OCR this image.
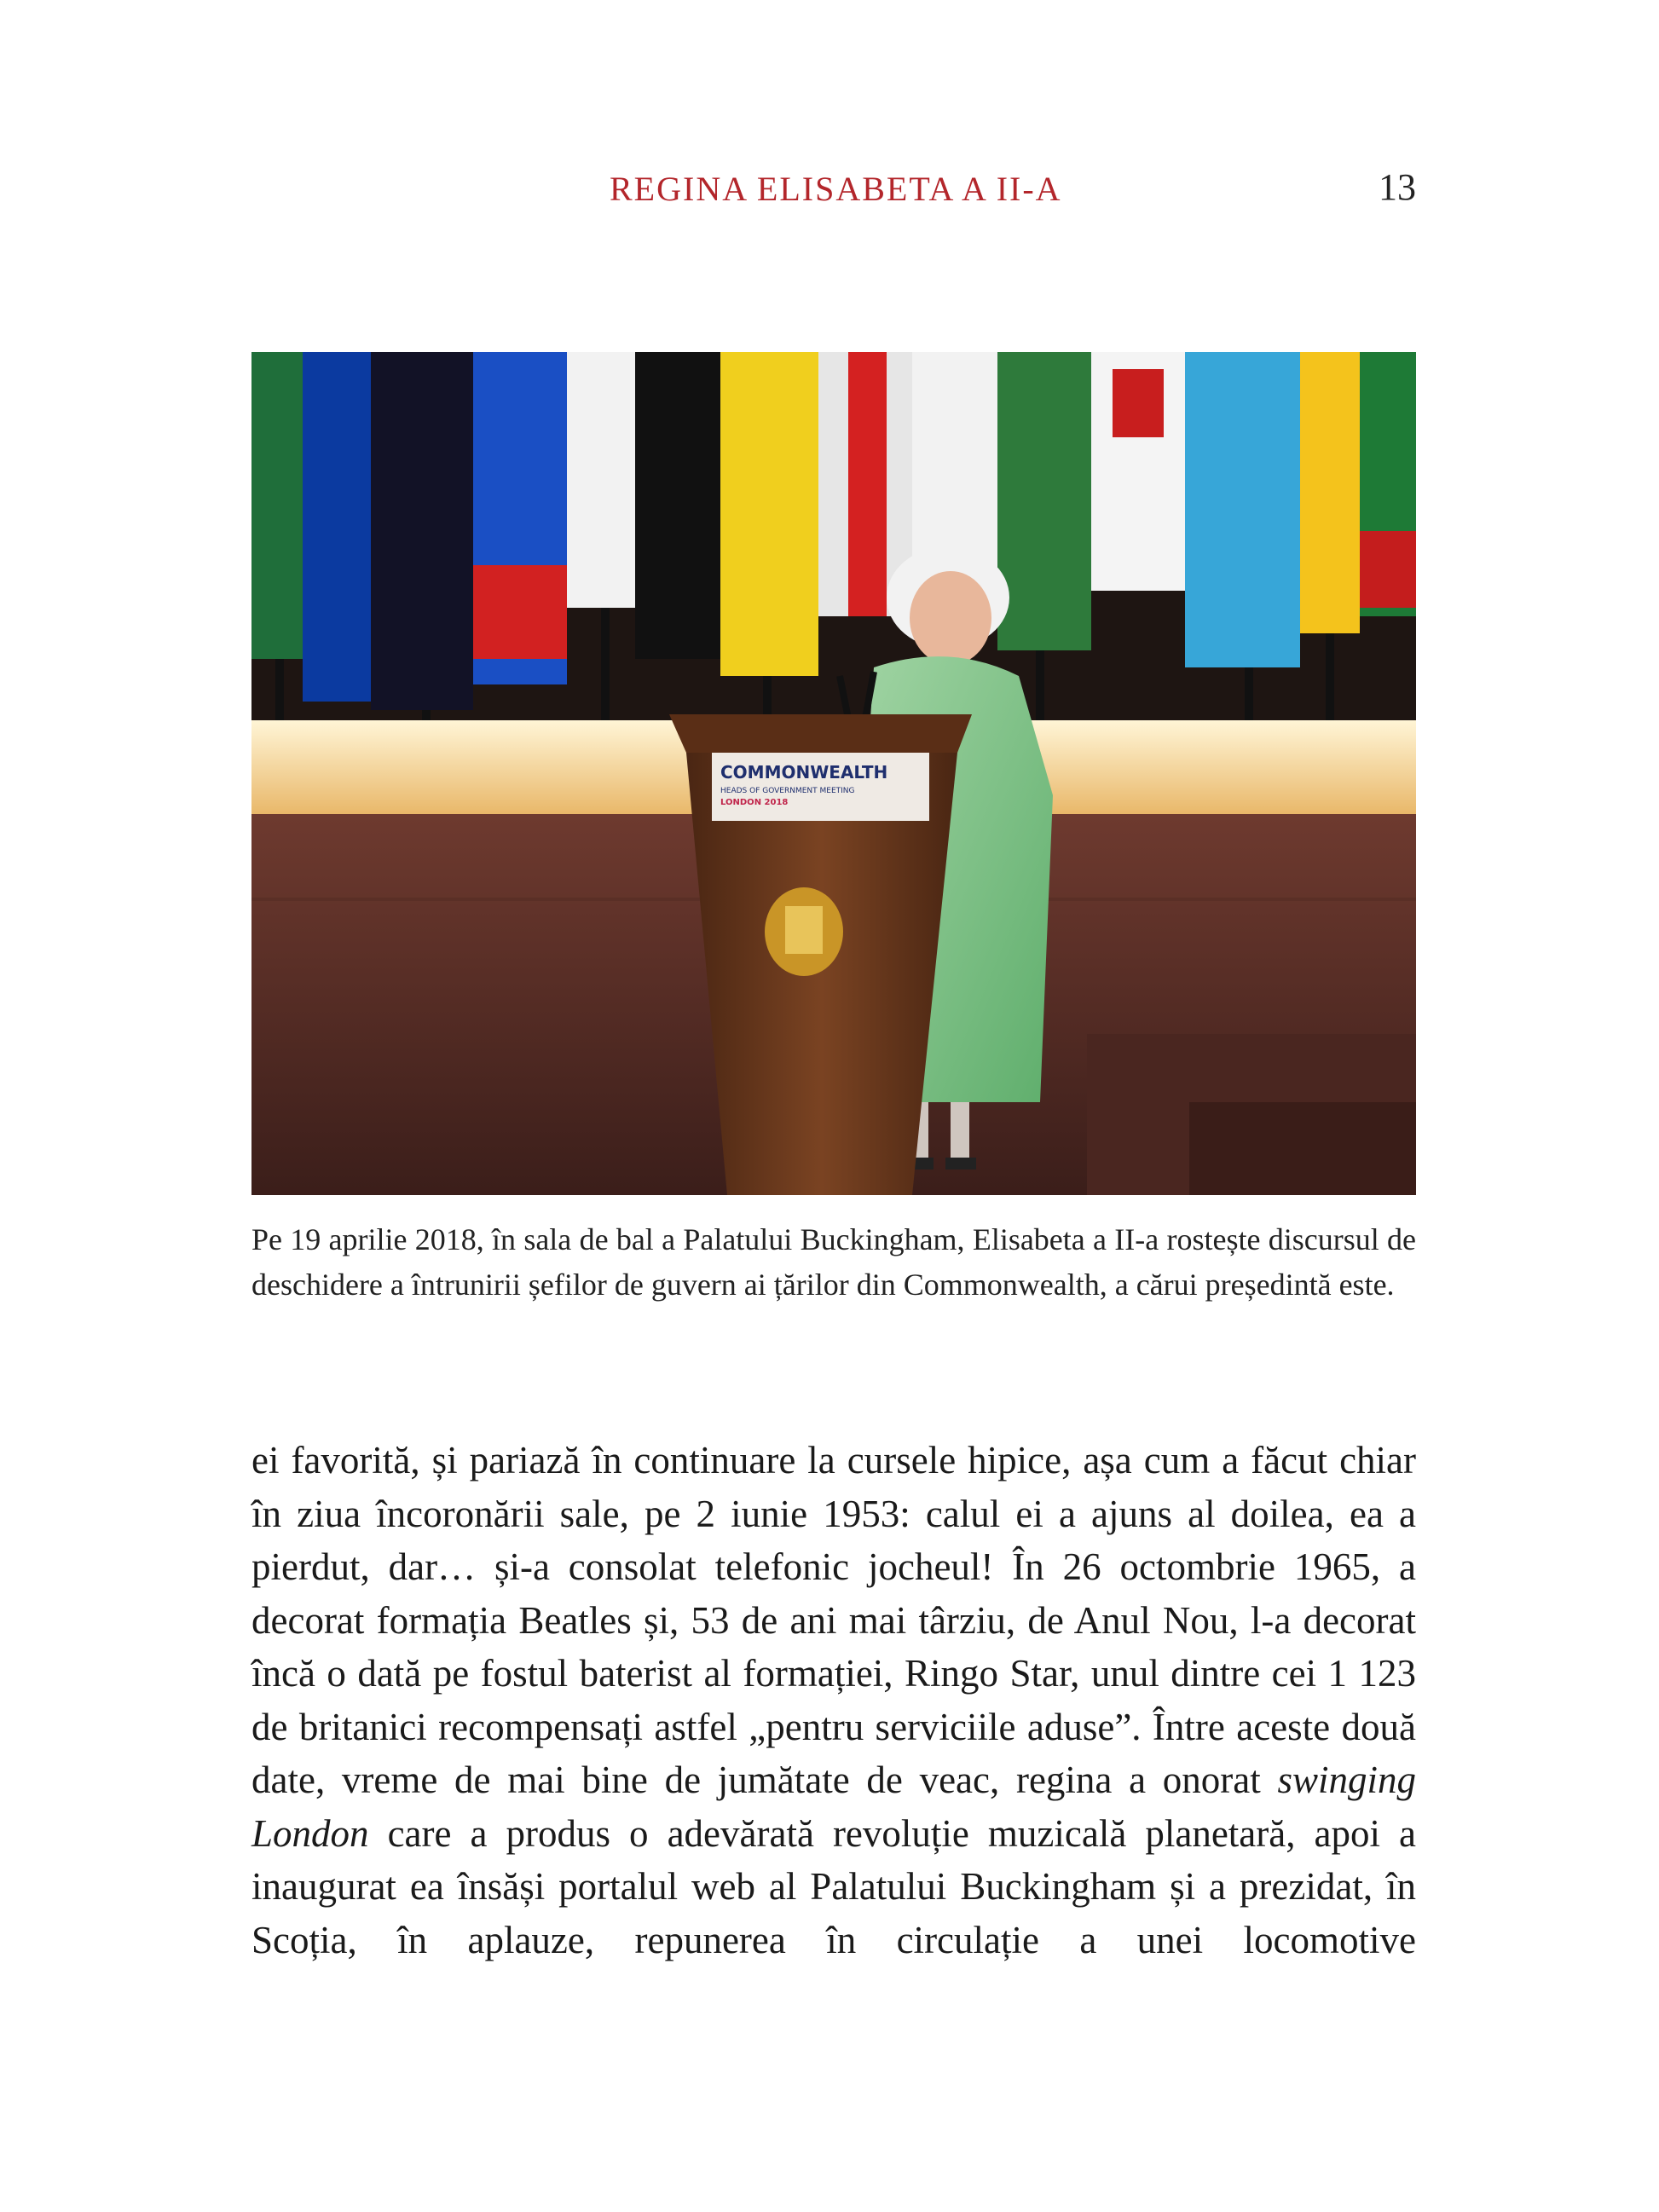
REGINA ELISABETA A II-A	13
COMMONWEALTH
HEADS OF GOVERNMENT MEETING
LONDON 2018
Pe 19 aprilie 2018, în sala de bal a Palatului Buckingham, Elisabeta a II-a rostește discursul de deschidere a întrunirii șefilor de guvern ai țărilor din Commonwealth, a cărui președintă este.

ei favorită, și pariază în continuare la cursele hipice, așa cum a făcut chiar în ziua încoronării sale, pe 2 iunie 1953: calul ei a ajuns al doilea, ea a pierdut, dar… și-a consolat telefonic jocheul! În 26 octombrie 1965, a decorat formația Beatles și, 53 de ani mai târziu, de Anul Nou, l-a decorat încă o dată pe fostul baterist al formației, Ringo Star, unul dintre cei 1 123 de britanici recompensați astfel „pentru serviciile aduse”. Între aceste două date, vreme de mai bine de jumătate de veac, regina a onorat swinging London care a produs o adevărată revoluție muzicală planetară, apoi a inaugurat ea însăși portalul web al Palatului Buckingham și a prezidat, în Scoția, în aplauze, repunerea în circulație a unei locomotive
